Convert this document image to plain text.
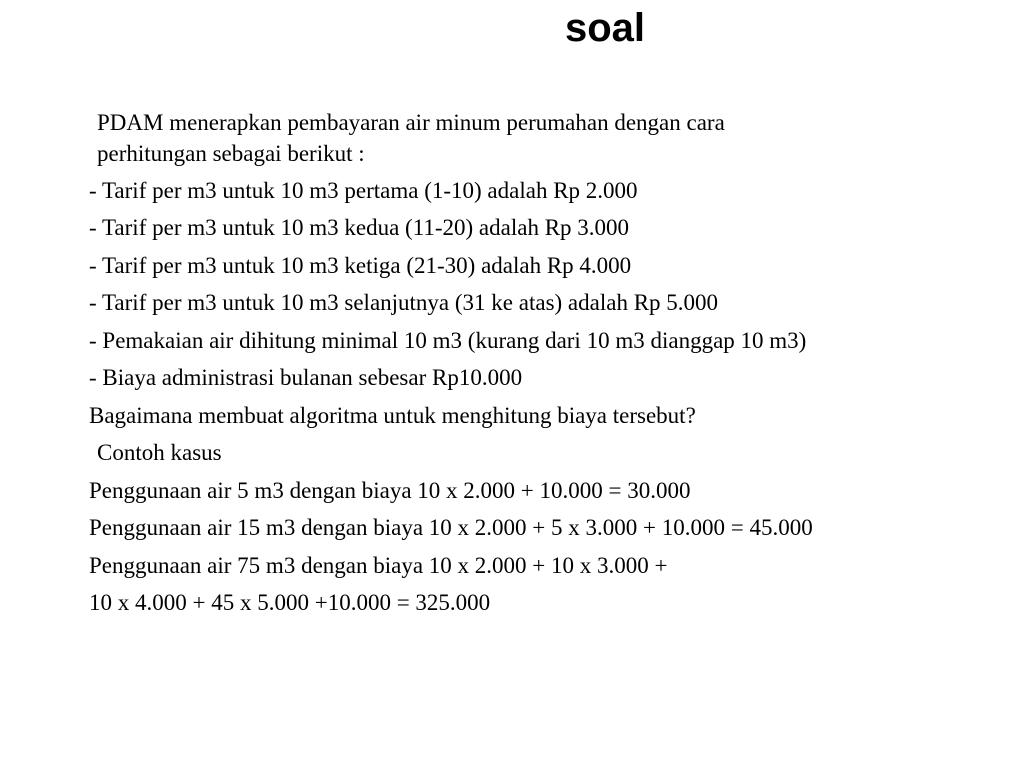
soal
PDAM menerapkan pembayaran air minum perumahan dengan cara
perhitungan sebagai berikut :
- Tarif per m3 untuk 10 m3 pertama (1-10) adalah Rp 2.000
- Tarif per m3 untuk 10 m3 kedua (11-20) adalah Rp 3.000
- Tarif per m3 untuk 10 m3 ketiga (21-30) adalah Rp 4.000
- Tarif per m3 untuk 10 m3 selanjutnya (31 ke atas) adalah Rp 5.000
- Pemakaian air dihitung minimal 10 m3 (kurang dari 10 m3 dianggap 10 m3)
- Biaya administrasi bulanan sebesar Rp10.000
Bagaimana membuat algoritma untuk menghitung biaya tersebut?
Contoh kasus
Penggunaan air 5 m3 dengan biaya 10 x 2.000 + 10.000 = 30.000
Penggunaan air 15 m3 dengan biaya 10 x 2.000 + 5 x 3.000 + 10.000 = 45.000
Penggunaan air 75 m3 dengan biaya 10 x 2.000 + 10 x 3.000 +
10 x 4.000 + 45 x 5.000 +10.000 = 325.000
